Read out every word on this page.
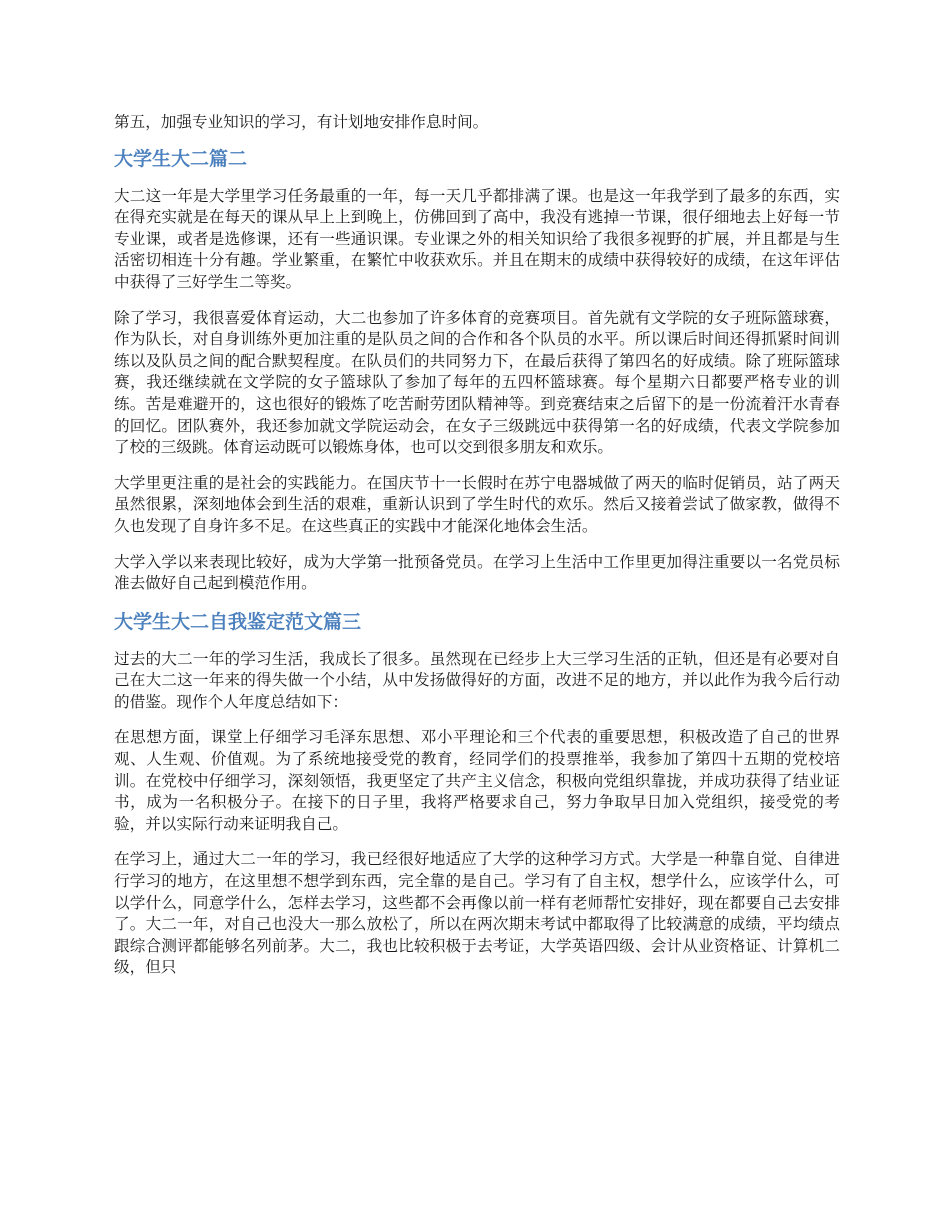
第五，加强专业知识的学习，有计划地安排作息时间。

大学生大二篇二

大二这一年是大学里学习任务最重的一年，每一天几乎都排满了课。也是这一年我学到了最多的东西，实在得充实就是在每天的课从早上上到晚上，仿佛回到了高中，我没有逃掉一节课，很仔细地去上好每一节专业课，或者是选修课，还有一些通识课。专业课之外的相关知识给了我很多视野的扩展，并且都是与生活密切相连十分有趣。学业繁重，在繁忙中收获欢乐。并且在期末的成绩中获得较好的成绩，在这年评估中获得了三好学生二等奖。

除了学习，我很喜爱体育运动，大二也参加了许多体育的竞赛项目。首先就有文学院的女子班际篮球赛，作为队长，对自身训练外更加注重的是队员之间的合作和各个队员的水平。所以课后时间还得抓紧时间训练以及队员之间的配合默契程度。在队员们的共同努力下，在最后获得了第四名的好成绩。除了班际篮球赛，我还继续就在文学院的女子篮球队了参加了每年的五四杯篮球赛。每个星期六日都要严格专业的训练。苦是难避开的，这也很好的锻炼了吃苦耐劳团队精神等。到竞赛结束之后留下的是一份流着汗水青春的回忆。团队赛外，我还参加就文学院运动会，在女子三级跳远中获得第一名的好成绩，代表文学院参加了校的三级跳。体育运动既可以锻炼身体，也可以交到很多朋友和欢乐。

大学里更注重的是社会的实践能力。在国庆节十一长假时在苏宁电器城做了两天的临时促销员，站了两天虽然很累，深刻地体会到生活的艰难，重新认识到了学生时代的欢乐。然后又接着尝试了做家教，做得不久也发现了自身许多不足。在这些真正的实践中才能深化地体会生活。

大学入学以来表现比较好，成为大学第一批预备党员。在学习上生活中工作里更加得注重要以一名党员标准去做好自己起到模范作用。

大学生大二自我鉴定范文篇三

过去的大二一年的学习生活，我成长了很多。虽然现在已经步上大三学习生活的正轨，但还是有必要对自己在大二这一年来的得失做一个小结，从中发扬做得好的方面，改进不足的地方，并以此作为我今后行动的借鉴。现作个人年度总结如下：

在思想方面，课堂上仔细学习毛泽东思想、邓小平理论和三个代表的重要思想，积极改造了自己的世界观、人生观、价值观。为了系统地接受党的教育，经同学们的投票推举，我参加了第四十五期的党校培训。在党校中仔细学习，深刻领悟，我更坚定了共产主义信念，积极向党组织靠拢，并成功获得了结业证书，成为一名积极分子。在接下的日子里，我将严格要求自己，努力争取早日加入党组织，接受党的考验，并以实际行动来证明我自己。

在学习上，通过大二一年的学习，我已经很好地适应了大学的这种学习方式。大学是一种靠自觉、自律进行学习的地方，在这里想不想学到东西，完全靠的是自己。学习有了自主权，想学什么，应该学什么，可以学什么，同意学什么，怎样去学习，这些都不会再像以前一样有老师帮忙安排好，现在都要自己去安排了。大二一年，对自己也没大一那么放松了，所以在两次期末考试中都取得了比较满意的成绩，平均绩点跟综合测评都能够名列前茅。大二，我也比较积极于去考证，大学英语四级、会计从业资格证、计算机二级，但只
